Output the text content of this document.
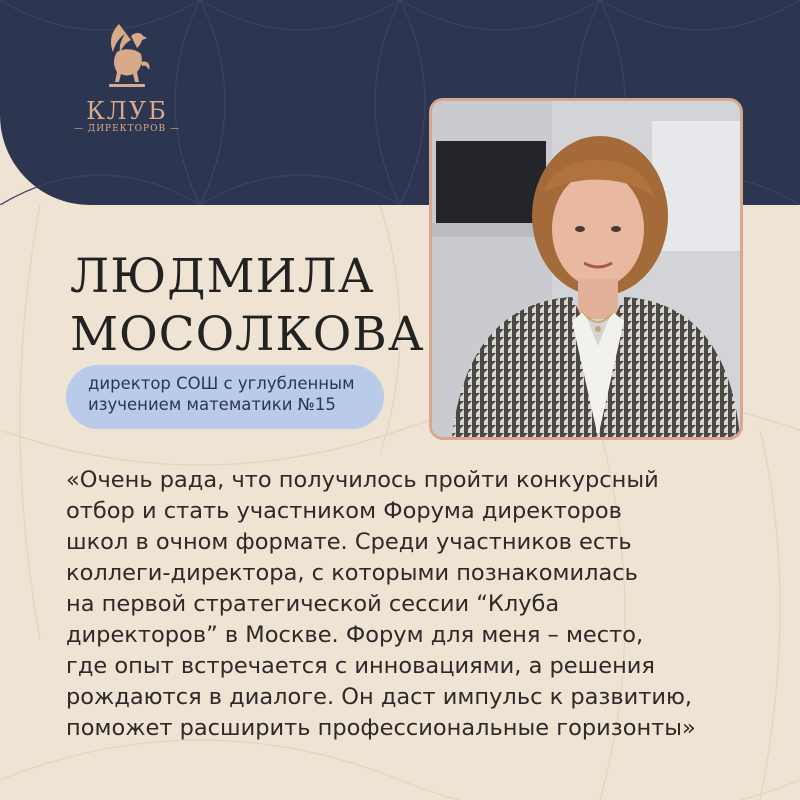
КЛУБ
— ДИРЕКТОРОВ —
ЛЮДМИЛА
МОСОЛКОВА
директор СОШ с углубленным
изучением математики №15
«Очень рада, что получилось пройти конкурсный
отбор и стать участником Форума директоров
школ в очном формате. Среди участников есть
коллеги-директора, с которыми познакомилась
на первой стратегической сессии “Клуба
директоров” в Москве. Форум для меня – место,
где опыт встречается с инновациями, а решения
рождаются в диалоге. Он даст импульс к развитию,
поможет расширить профессиональные горизонты»
